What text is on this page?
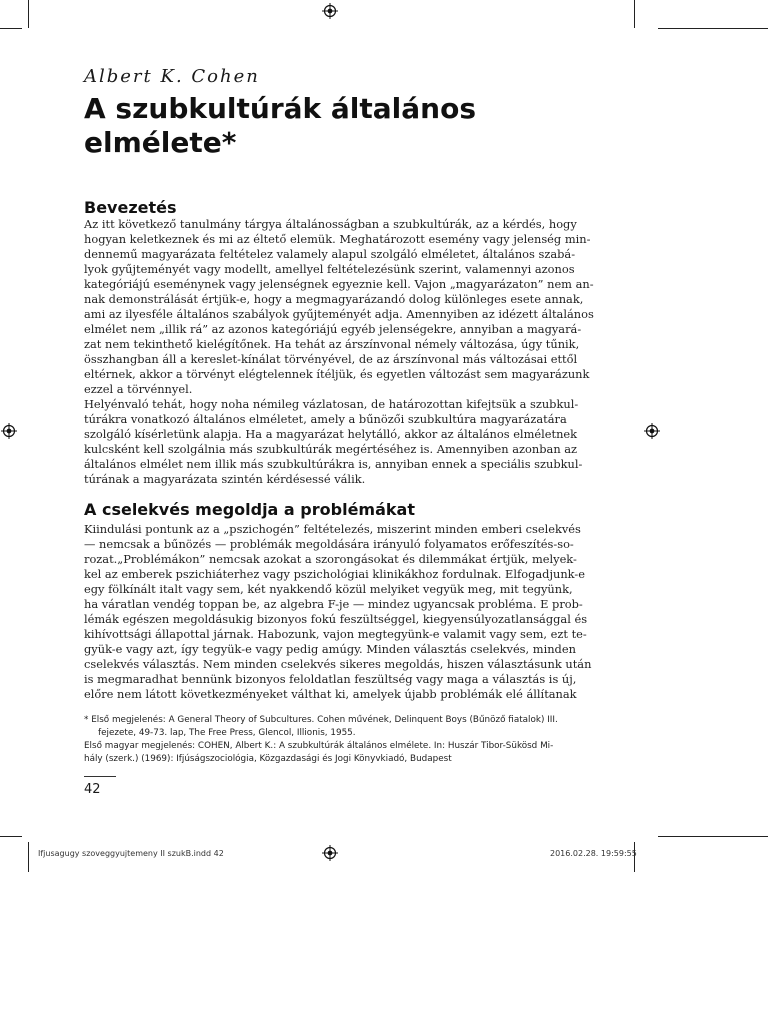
Albert K. Cohen
A szubkultúrák általános
elmélete*
Bevezetés
Az itt következő tanulmány tárgya általánosságban a szubkultúrák, az a kérdés, hogy
hogyan keletkeznek és mi az éltető elemük. Meghatározott esemény vagy jelenség min-
dennemű magyarázata feltételez valamely alapul szolgáló elméletet, általános szabá-
lyok gyűjteményét vagy modellt, amellyel feltételezésünk szerint, valamennyi azonos
kategóriájú eseménynek vagy jelenségnek egyeznie kell. Vajon „magyarázaton” nem an-
nak demonstrálását értjük-e, hogy a megmagyarázandó dolog különleges esete annak,
ami az ilyesféle általános szabályok gyűjteményét adja. Amennyiben az idézett általános
elmélet nem „illik rá” az azonos kategóriájú egyéb jelenségekre, annyiban a magyará-
zat nem tekinthető kielégítőnek. Ha tehát az árszínvonal némely változása, úgy tűnik,
összhangban áll a kereslet-kínálat törvényével, de az árszínvonal más változásai ettől
eltérnek, akkor a törvényt elégtelennek ítéljük, és egyetlen változást sem magyarázunk
ezzel a törvénnyel.
Helyénvaló tehát, hogy noha némileg vázlatosan, de határozottan kifejtsük a szubkul-
túrákra vonatkozó általános elméletet, amely a bűnözői szubkultúra magyarázatára
szolgáló kísérletünk alapja. Ha a magyarázat helytálló, akkor az általános elméletnek
kulcsként kell szolgálnia más szubkultúrák megértéséhez is. Amennyiben azonban az
általános elmélet nem illik más szubkultúrákra is, annyiban ennek a speciális szubkul-
túrának a magyarázata szintén kérdésessé válik.
A cselekvés megoldja a problémákat
Kiindulási pontunk az a „pszichogén” feltételezés, miszerint minden emberi cselekvés
— nemcsak a bűnözés — problémák megoldására irányuló folyamatos erőfeszítés-so-
rozat.„Problémákon” nemcsak azokat a szorongásokat és dilemmákat értjük, melyek-
kel az emberek pszichiáterhez vagy pszichológiai klinikákhoz fordulnak. Elfogadjunk-e
egy fölkínált italt vagy sem, két nyakkendő közül melyiket vegyük meg, mit tegyünk,
ha váratlan vendég toppan be, az algebra F-je — mindez ugyancsak probléma. E prob-
lémák egészen megoldásukig bizonyos fokú feszültséggel, kiegyensúlyozatlansággal és
kihívottsági állapottal járnak. Habozunk, vajon megtegyünk-e valamit vagy sem, ezt te-
gyük-e vagy azt, így tegyük-e vagy pedig amúgy. Minden választás cselekvés, minden
cselekvés választás. Nem minden cselekvés sikeres megoldás, hiszen választásunk után
is megmaradhat bennünk bizonyos feloldatlan feszültség vagy maga a választás is új,
előre nem látott következményeket válthat ki, amelyek újabb problémák elé állítanak
* Első megjelenés: A General Theory of Subcultures. Cohen művének, Delinquent Boys (Bűnöző fiatalok) III.
fejezete, 49-73. lap, The Free Press, Glencol, Illionis, 1955.
Első magyar megjelenés: COHEN, Albert K.: A szubkultúrák általános elmélete. In: Huszár Tibor-Sükösd Mi-
hály (szerk.) (1969): Ifjúságszociológia, Közgazdasági és Jogi Könyvkiadó, Budapest
42
Ifjusagugy szoveggyujtemeny II szukB.indd 42	2016.02.28. 19:59:55
